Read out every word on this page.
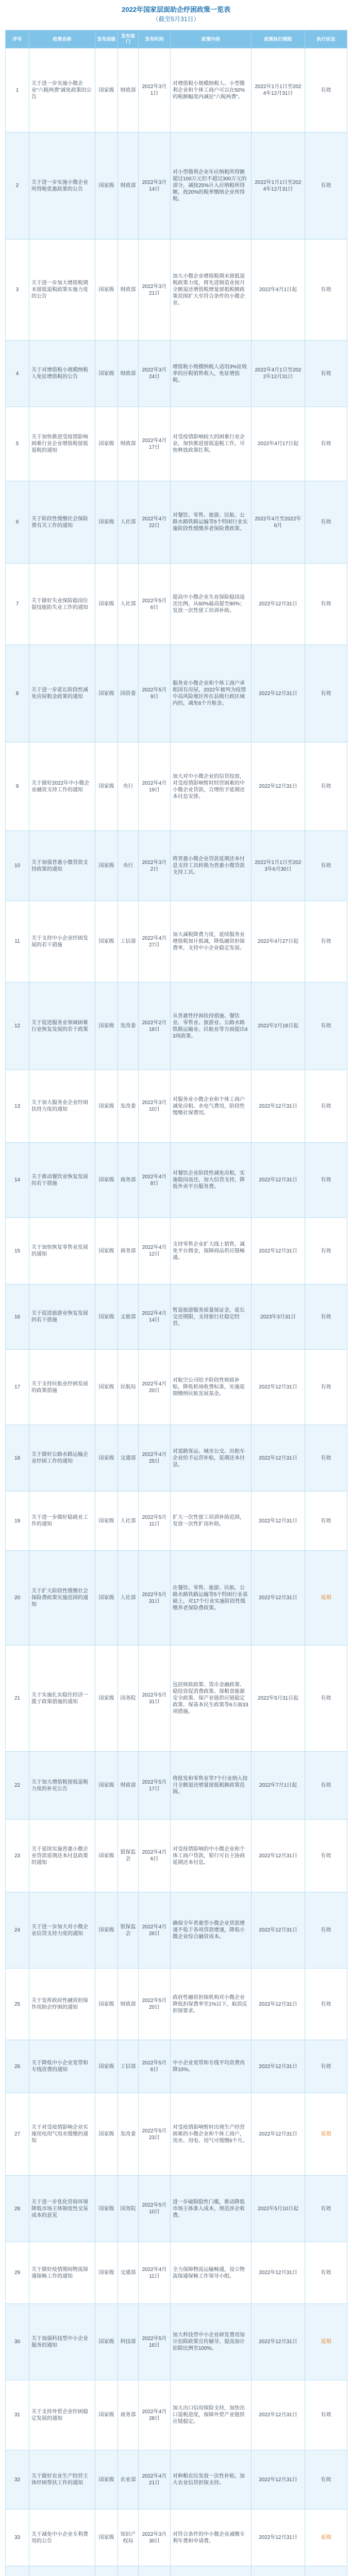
2022年国家层面助企纾困政策一览表
（截至5月31日）
序号	政策名称	发布层级	发布部门	发布时间	政策内容	政策执行期限	执行状态
1	关于进一步实施小微企业“六税两费”减免政策的公告	国家级	财政部	2022年3月1日	对增值税小规模纳税人、小型微利企业和个体工商户可以在50%的税额幅度内减征“六税两费”。	2022年1月1日至2024年12月31日	有效
2	关于进一步实施小微企业所得税优惠政策的公告	国家级	财政部	2022年3月14日	对小型微利企业年应纳税所得额超过100万元但不超过300万元的部分，减按25%计入应纳税所得额，按20%的税率缴纳企业所得税。	2022年1月1日至2024年12月31日	有效
3	关于进一步加大增值税期末留抵退税政策实施力度的公告	国家级	财政部	2022年3月21日	加大小微企业增值税期末留抵退税政策力度，将先进制造业按月全额退还增值税增量留抵税额政策范围扩大至符合条件的小微企业。	2022年4月1日起	有效
4	关于对增值税小规模纳税人免征增值税的公告	国家级	财政部	2022年3月24日	增值税小规模纳税人适用3%征收率的应税销售收入，免征增值税。	2022年4月1日至2022年12月31日	有效
5	关于加快推进受疫情影响困难行业企业增值税留抵退税的通知	国家级	财政部	2022年4月17日	对受疫情影响较大的困难行业企业，加快推进留抵退税工作，尽快释放政策红利。	2022年4月17日起	有效
6	关于阶段性缓缴社会保险费有关工作的通知	国家级	人社部	2022年4月22日	对餐饮、零售、旅游、民航、公路水路铁路运输等5个特困行业实施阶段性缓缴养老保险费政策。	2022年4月至2022年6月	有效
7	关于做好失业保险稳岗位提技能防失业工作的通知	国家级	人社部	2022年5月6日	提高中小微企业失业保险稳岗返还比例，从60%最高提至90%；发放一次性留工培训补助。	2022年12月31日	有效
8	关于进一步延长阶段性减免房屋租金政策的通知	国家级	国资委	2022年5月9日	服务业小微企业和个体工商户承租国有房屋，2022年被列为疫情中高风险地区所在县级行政区域内的，减免6个月租金。	2022年12月31日	有效
9	关于做好2022年中小微企业融资支持工作的通知	国家级	央行	2022年4月19日	加大对中小微企业的信贷投放，对受疫情影响暂时经营困难的中小微企业贷款，合理给予延期还本付息安排。	2022年12月31日	有效
10	关于加强普惠小微贷款支持政策的通知	国家级	央行	2022年3月2日	将普惠小微企业贷款延期还本付息支持工具转换为普惠小微贷款支持工具。	2022年1月1日至2023年6月30日	有效
11	关于支持中小企业纾困发展的若干措施	国家级	工信部	2022年4月27日	加大减税降费力度，延续服务业增值税加计抵减，降低融资担保费率，支持中小企业稳定发展。	2022年4月27日起	有效
12	关于促进服务业领域困难行业恢复发展的若干政策	国家级	发改委	2022年2月18日	从普惠性纾困扶持措施、餐饮业、零售业、旅游业、公路水路铁路运输业、民航业等方面提出43项政策。	2022年2月18日起	有效
13	关于加大服务业企业纾困扶持力度的通知	国家级	发改委	2022年3月10日	对服务业小微企业和个体工商户减免房租、水电气费用，阶段性缓缴社保费用。	2022年12月31日	有效
14	关于推动餐饮业恢复发展的若干措施	国家级	商务部	2022年4月8日	对餐饮企业阶段性减免房租，实施稳岗返还，加大信贷支持，降低外卖平台服务费。	2022年12月31日	有效
15	关于加快恢复零售业发展的通知	国家级	商务部	2022年4月12日	支持零售企业扩大线上销售，减免平台佣金，保障商品供应链畅通。	2022年12月31日	有效
16	关于促进旅游业恢复发展的若干措施	国家级	文旅部	2022年4月14日	暂退旅游服务质量保证金，延长交还期限，支持旅行社稳定经营。	2023年3月31日	有效
17	关于支持民航业纾困发展的政策措施	国家级	民航局	2022年4月20日	对航空公司给予阶段性财政补贴，降低机场收费标准，实施延期缴纳民航发展基金。	2022年12月31日	有效
18	关于做好公路水路运输企业纾困工作的通知	国家级	交通部	2022年4月25日	对道路客运、城市公交、出租车企业给予运营补贴，延期还本付息。	2022年12月31日	有效
19	关于进一步做好稳就业工作的通知	国家级	人社部	2022年5月11日	扩大一次性留工培训补助范围，发放一次性扩岗补助。	2022年12月31日	有效
20	关于扩大阶段性缓缴社会保险费政策实施范围的通知	国家级	人社部	2022年5月31日	在餐饮、零售、旅游、民航、公路水路铁路运输等5个特困行业基础上，对17个行业实施阶段性缓缴养老保险费政策。	2022年12月31日	延期
21	关于实施扎实稳住经济一揽子政策措施的通知	国家级	国务院	2022年5月31日	包括财政政策、货币金融政策、稳投资促消费政策、保粮食能源安全政策、保产业链供应链稳定政策、保基本民生政策等6方面33项措施。	2022年5月31日起	有效
22	关于加大增值税留抵退税力度的补充公告	国家级	财政部	2022年5月17日	将批发和零售业等7个行业纳入按月全额退还增量留抵税额政策范围。	2022年7月1日起	有效
23	关于延续实施普惠小微企业贷款延期还本付息政策的通知	国家级	银保监会	2022年4月6日	对受疫情影响的中小微企业和个体工商户贷款，银行可自主协商延期还本付息。	2022年12月31日	有效
24	关于进一步加大对小微企业信贷支持力度的通知	国家级	银保监会	2022年4月26日	确保全年普惠型小微企业贷款增速不低于各项贷款增速，降低小微企业综合融资成本。	2022年12月31日	有效
25	关于发挥政府性融资担保作用助企纾困的通知	国家级	财政部	2022年5月20日	政府性融资担保机构对小微企业降低担保费率至1%以下，取消反担保要求。	2022年12月31日	有效
26	关于降低中小企业宽带和专线资费的通知	国家级	工信部	2022年5月6日	中小企业宽带和专线平均资费再降10%。	2022年12月31日	有效
27	关于对受疫情影响企业实施用电用气用水缓缴的通知	国家级	发改委	2022年5月23日	对受疫情影响暂时出现生产经营困难的小微企业和个体工商户，用水、用电、用气可缓缴6个月。	2022年12月31日	延期
28	关于进一步优化营商环境降低市场主体制度性交易成本的意见	国家级	国务院	2022年5月10日	进一步破除隐性门槛，推动降低市场主体准入成本，规范涉企收费。	2022年5月10日起	有效
29	关于做好疫情期间物流保通保畅工作的通知	国家级	交通部	2022年4月11日	全力保障物流运输畅通，设立物流保通保畅工作领导小组。	2022年12月31日	有效
30	关于加强科技型中小企业服务的通知	国家级	科技部	2022年5月16日	加大科技型中小企业研发费用加计扣除政策宣传辅导，提高加计扣除比例至100%。	2022年12月31日	延期
31	关于支持外贸企业纾困稳定发展的通知	国家级	商务部	2022年4月28日	加大出口信用保险支持，加快出口退税进度，保障外贸产业链供应链稳定。	2022年12月31日	有效
32	关于做好农业生产经营主体纾困帮扶工作的通知	国家级	农业部	2022年4月21日	对种粮农民发放一次性补贴，加大农业信贷担保支持。	2022年12月31日	有效
33	关于减免中小企业专利费用的公告	国家级	知识产权局	2022年3月30日	对符合条件的中小微企业减缴专利年费和申请费。	2022年12月31日	延期
